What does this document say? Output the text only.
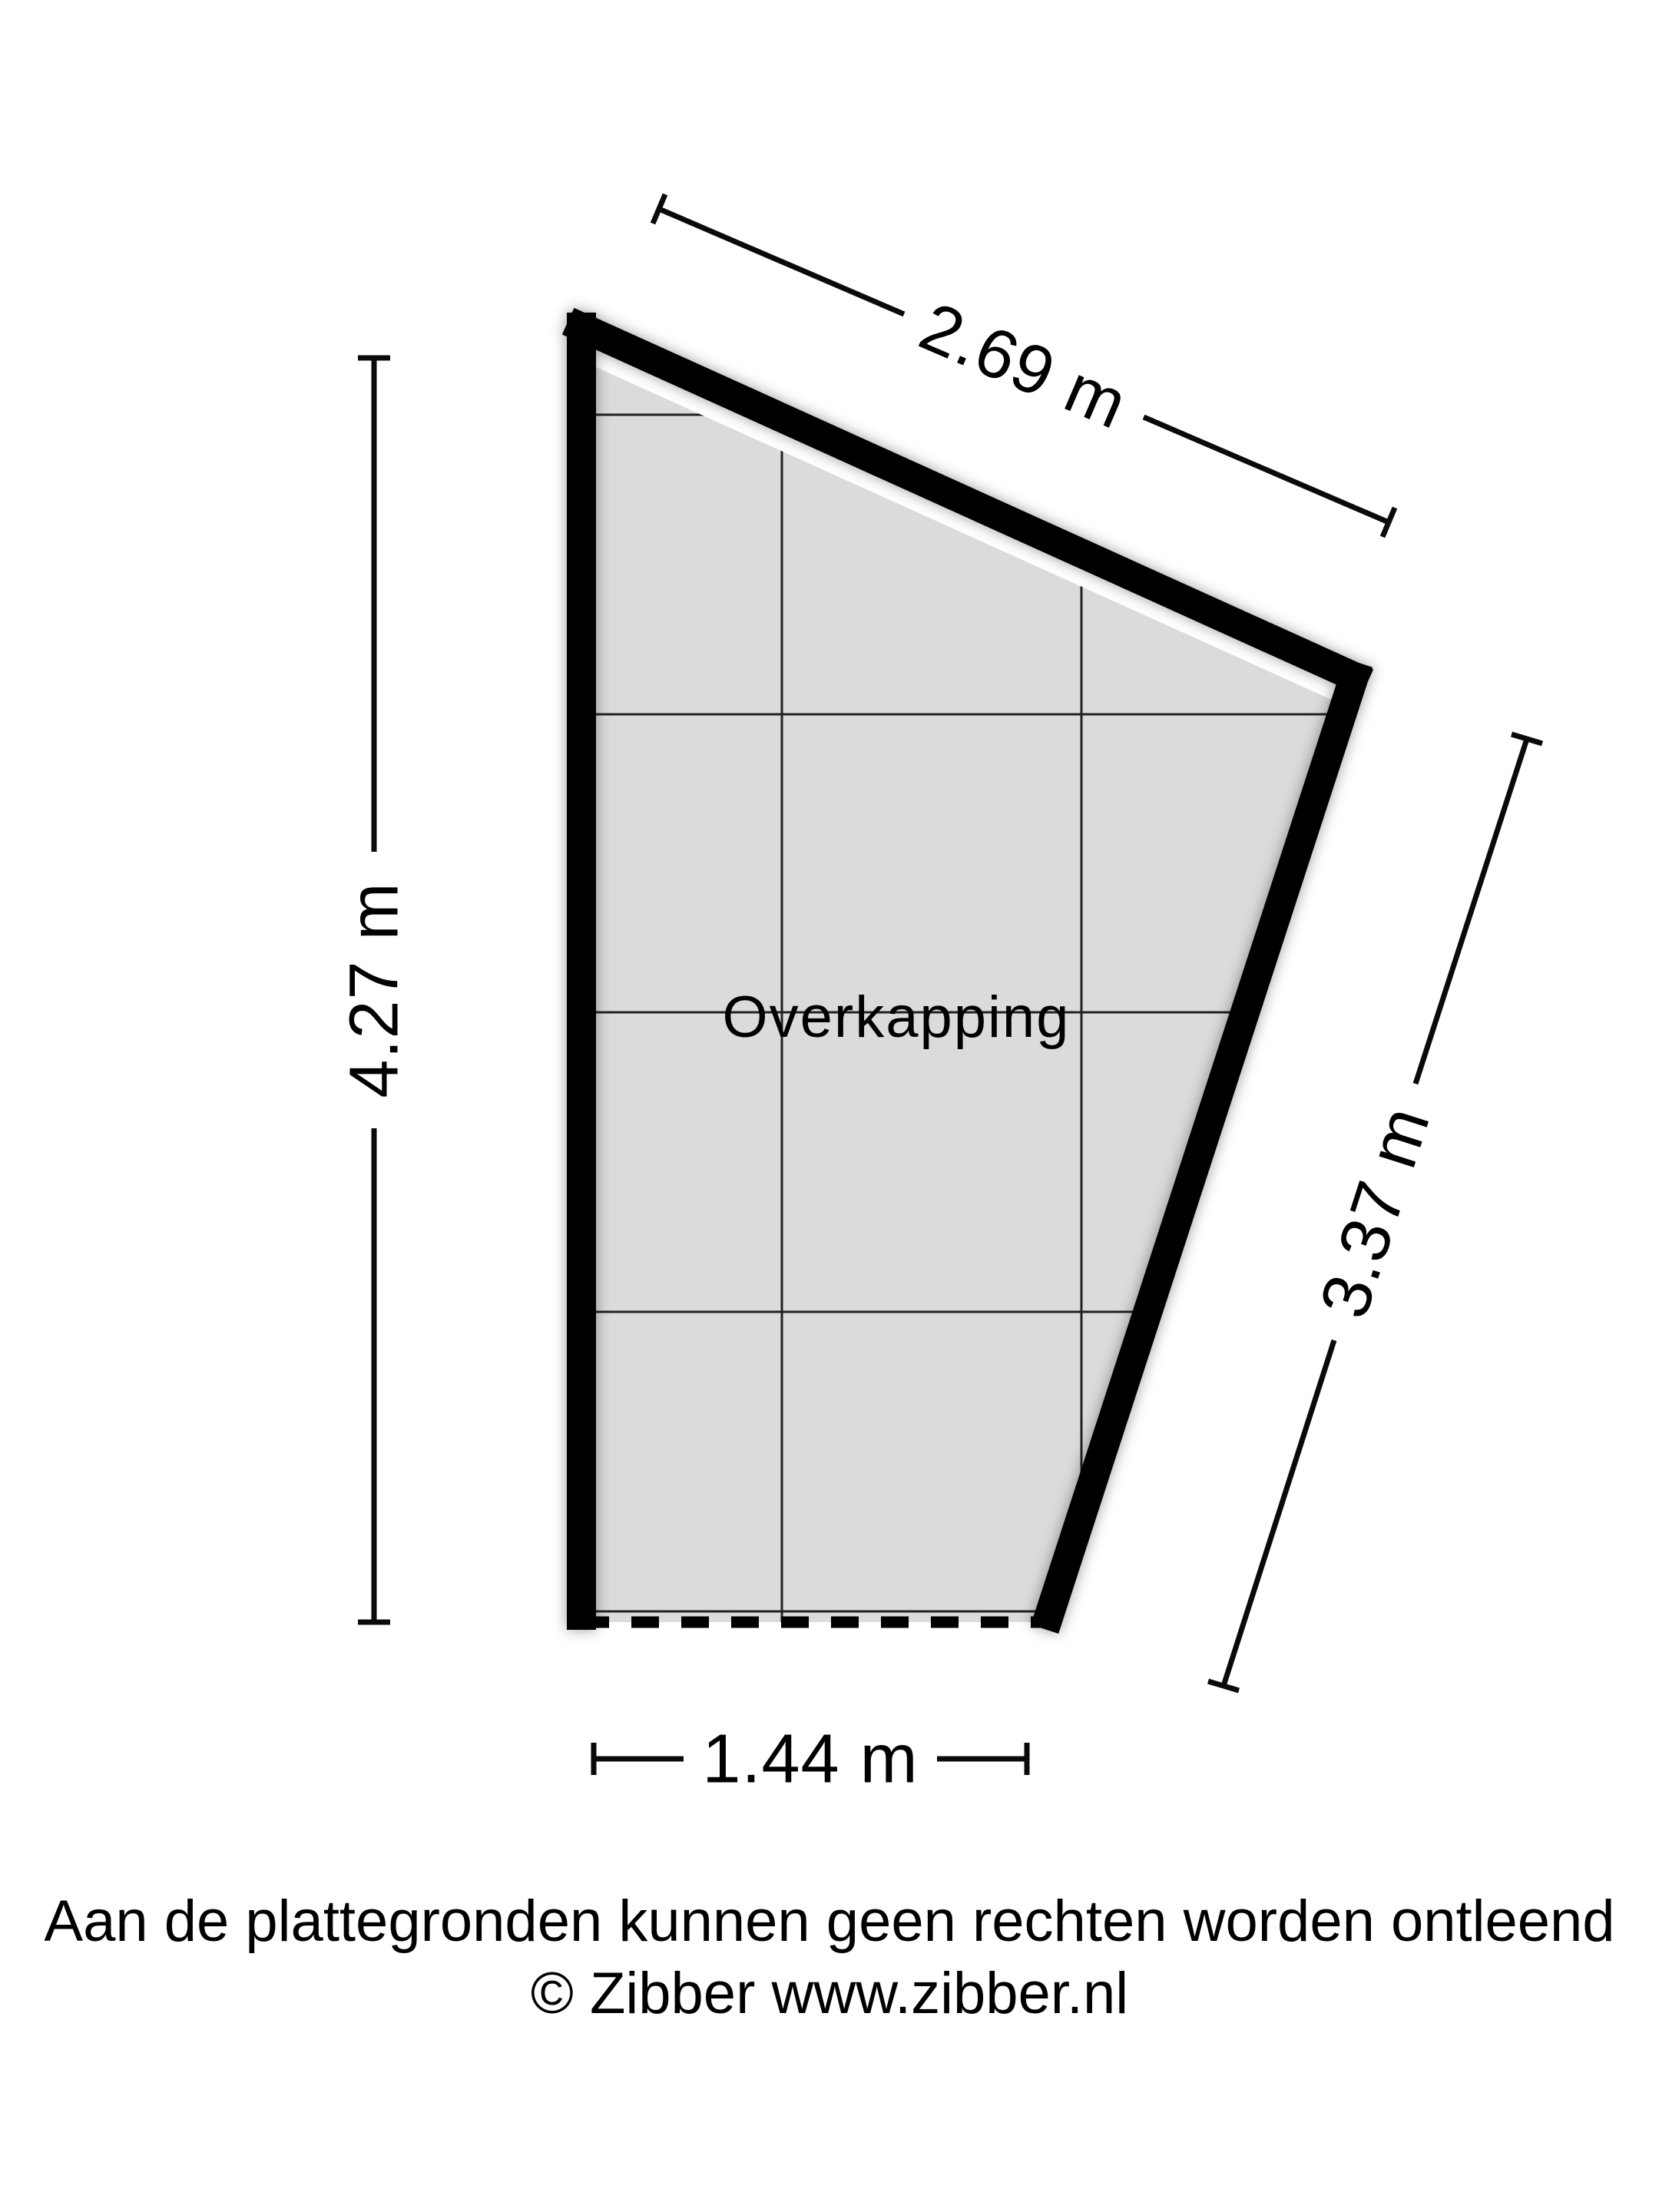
Overkapping
2.69 m
4.27 m
3.37 m
1.44 m
Aan de plattegronden kunnen geen rechten worden ontleend
© Zibber www.zibber.nl
